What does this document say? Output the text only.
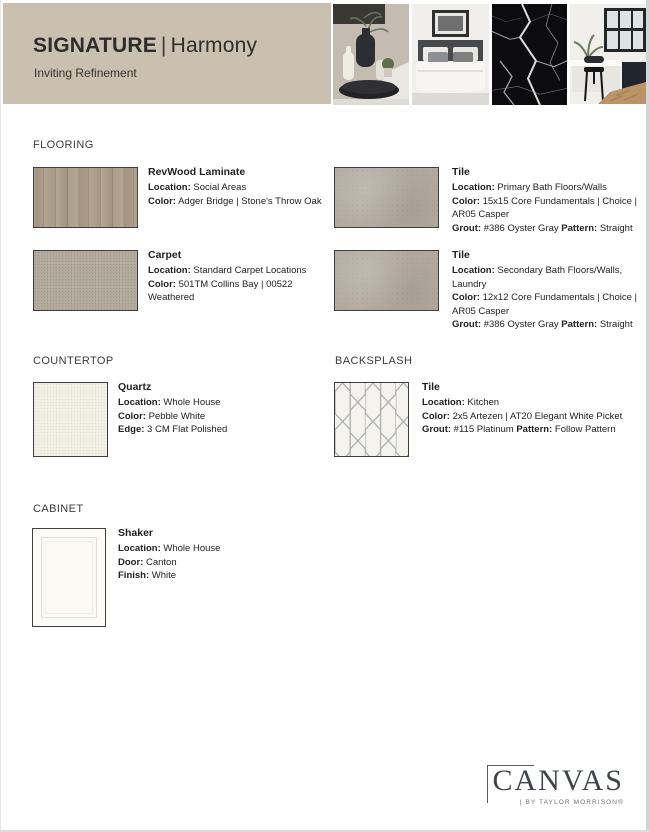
SIGNATURE | Harmony
Inviting Refinement
FLOORING
COUNTERTOP	BACKSPLASH
CABINET
RevWood Laminate
Location: Social Areas
Color: Adger Bridge | Stone's Throw Oak
Tile
Location: Primary Bath Floors/Walls
Color: 15x15 Core Fundamentals | Choice |
AR05 Casper
Grout: #386 Oyster Gray Pattern: Straight
Carpet
Location: Standard Carpet Locations
Color: 501TM Collins Bay | 00522
Weathered
Tile
Location: Secondary Bath Floors/Walls,
Laundry
Color: 12x12 Core Fundamentals | Choice |
AR05 Casper
Grout: #386 Oyster Gray Pattern: Straight
Quartz
Location: Whole House
Color: Pebble White
Edge: 3 CM Flat Polished
Tile
Location: Kitchen
Color: 2x5 Artezen | AT20 Elegant White Picket
Grout: #115 Platinum Pattern: Follow Pattern
Shaker
Location: Whole House
Door: Canton
Finish: White
CANVAS
| BY TAYLOR MORRISON®
